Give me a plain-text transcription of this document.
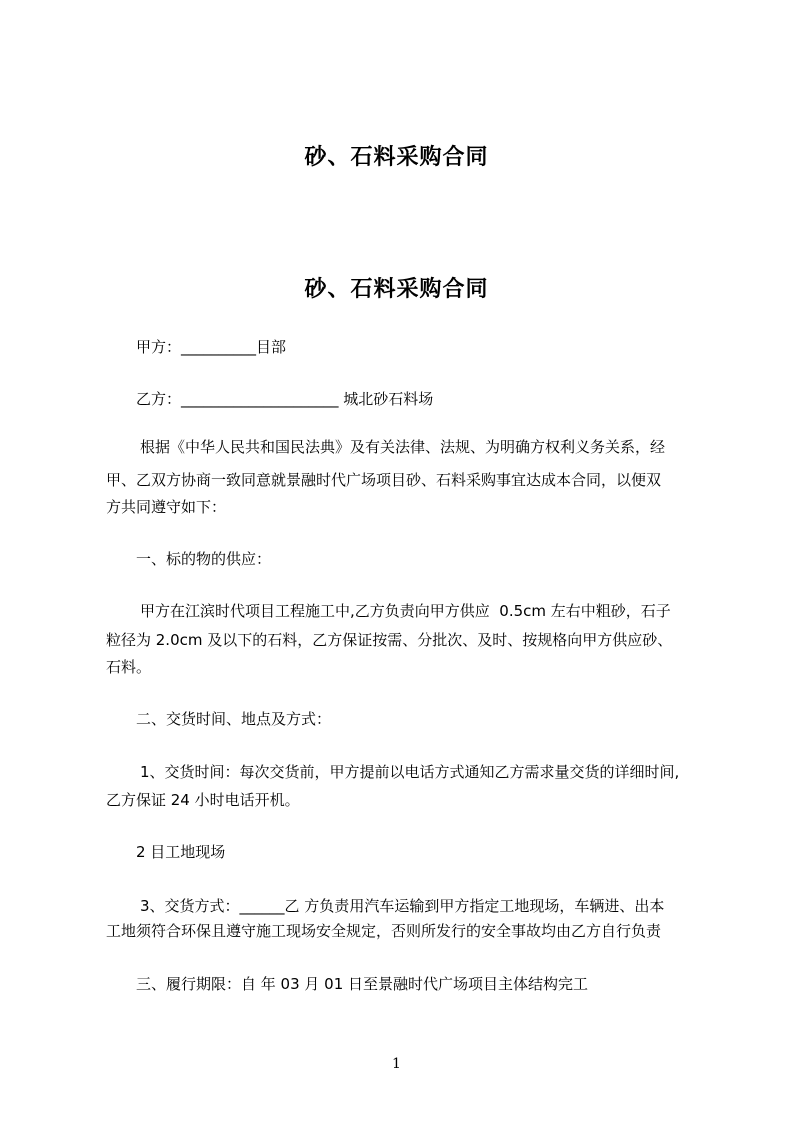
砂、石料采购合同
砂、石料采购合同
甲方：__________目部
乙方：_____________________ 城北砂石料场
根据《中华人民共和国民法典》及有关法律、法规、为明确方权利义务关系，经
甲、乙双方协商一致同意就景融时代广场项目砂、石料采购事宜达成本合同，以便双
方共同遵守如下：
一、标的物的供应：
甲方在江滨时代项目工程施工中,乙方负责向甲方供应  0.5cm 左右中粗砂，石子
粒径为 2.0cm 及以下的石料，乙方保证按需、分批次、及时、按规格向甲方供应砂、
石料。
二、交货时间、地点及方式：
1、交货时间：每次交货前，甲方提前以电话方式通知乙方需求量交货的详细时间,
乙方保证 24 小时电话开机。
2 目工地现场
3、交货方式：______乙 方负责用汽车运输到甲方指定工地现场，车辆进、出本
工地须符合环保且遵守施工现场安全规定，否则所发行的安全事故均由乙方自行负责
三、履行期限：自 年 03 月 01 日至景融时代广场项目主体结构完工
1
